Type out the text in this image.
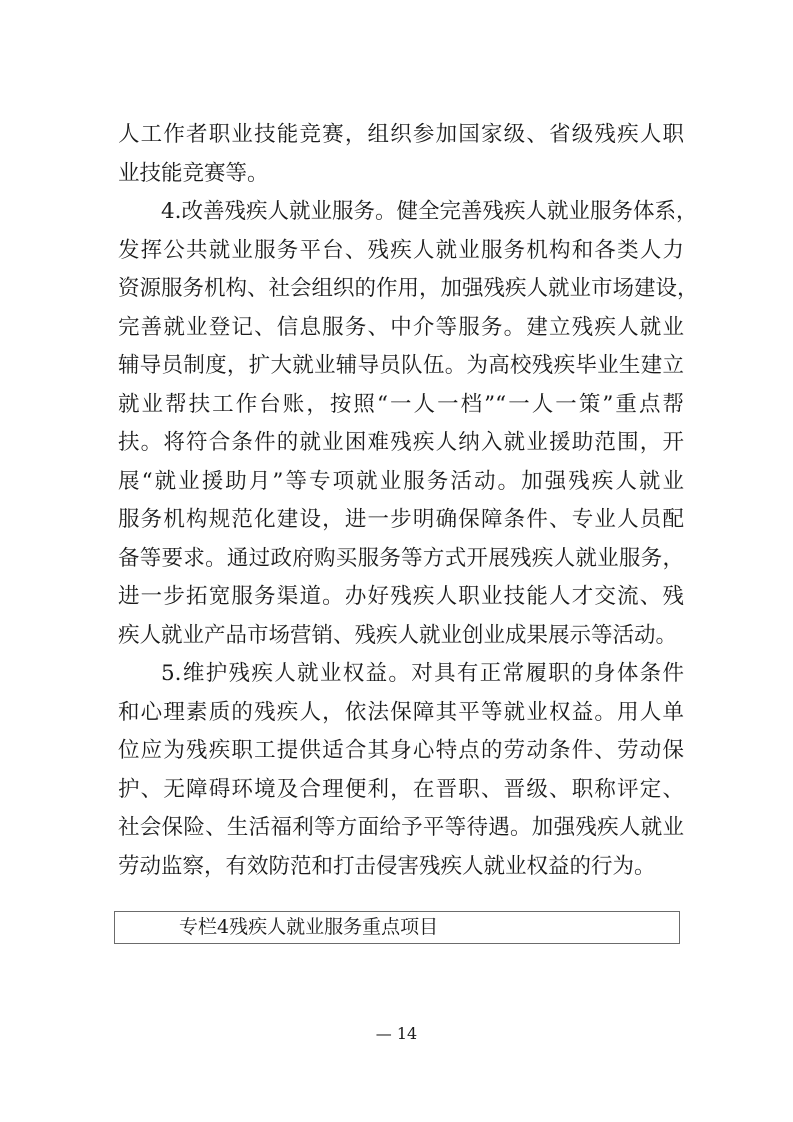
人工作者职业技能竞赛，组织参加国家级、省级残疾人职
业技能竞赛等。
4.改善残疾人就业服务。健全完善残疾人就业服务体系，
发挥公共就业服务平台、残疾人就业服务机构和各类人力
资源服务机构、社会组织的作用，加强残疾人就业市场建设，
完善就业登记、信息服务、中介等服务。建立残疾人就业
辅导员制度，扩大就业辅导员队伍。为高校残疾毕业生建立
就业帮扶工作台账，按照“一人一档”“一人一策”重点帮
扶。将符合条件的就业困难残疾人纳入就业援助范围，开
展“就业援助月”等专项就业服务活动。加强残疾人就业
服务机构规范化建设，进一步明确保障条件、专业人员配
备等要求。通过政府购买服务等方式开展残疾人就业服务，
进一步拓宽服务渠道。办好残疾人职业技能人才交流、残
疾人就业产品市场营销、残疾人就业创业成果展示等活动。
5.维护残疾人就业权益。对具有正常履职的身体条件
和心理素质的残疾人，依法保障其平等就业权益。用人单
位应为残疾职工提供适合其身心特点的劳动条件、劳动保
护、无障碍环境及合理便利，在晋职、晋级、职称评定、
社会保险、生活福利等方面给予平等待遇。加强残疾人就业
劳动监察，有效防范和打击侵害残疾人就业权益的行为。
专栏4残疾人就业服务重点项目
— 14
